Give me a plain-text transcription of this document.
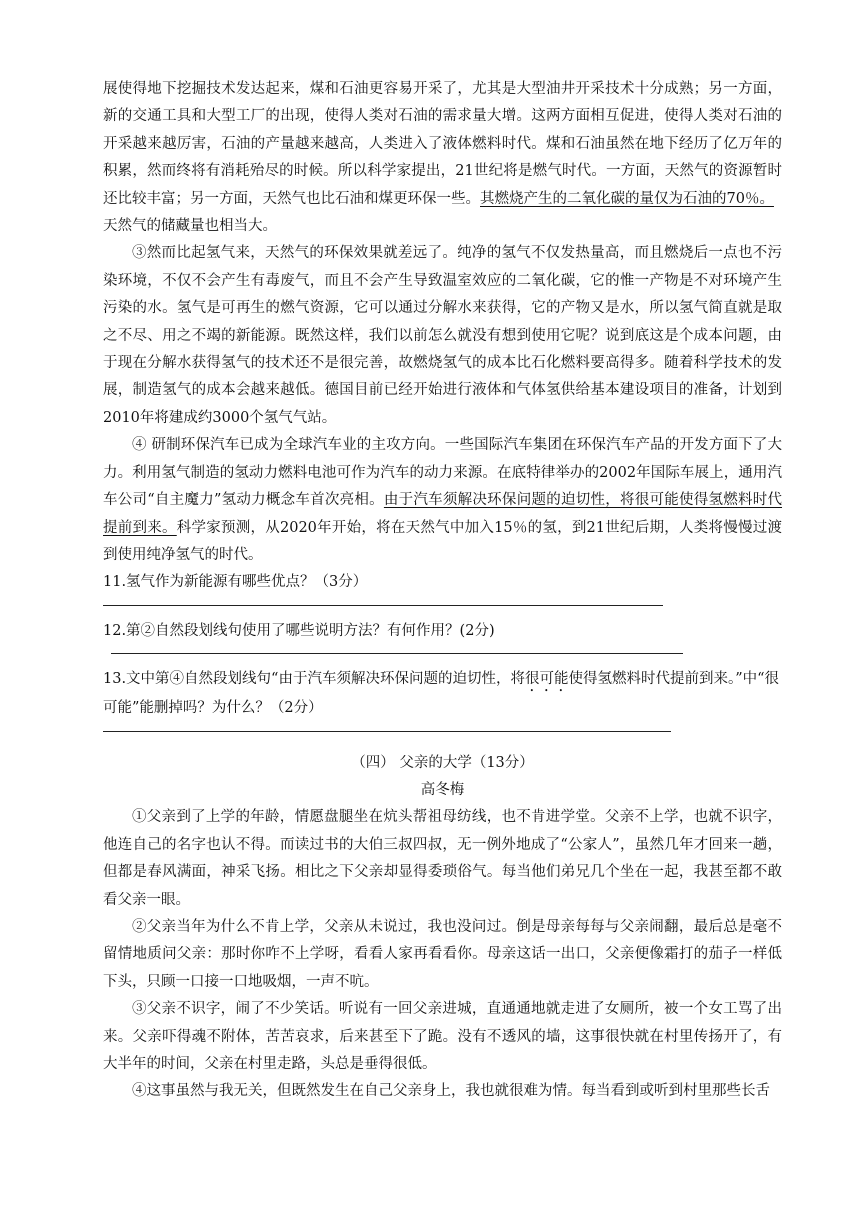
展使得地下挖掘技术发达起来，煤和石油更容易开采了，尤其是大型油井开采技术十分成熟；另一方面，新的交通工具和大型工厂的出现，使得人类对石油的需求量大增。这两方面相互促进，使得人类对石油的开采越来越厉害，石油的产量越来越高，人类进入了液体燃料时代。煤和石油虽然在地下经历了亿万年的积累，然而终将有消耗殆尽的时候。所以科学家提出，21世纪将是燃气时代。一方面，天然气的资源暂时还比较丰富；另一方面，天然气也比石油和煤更环保一些。其燃烧产生的二氧化碳的量仅为石油的70％。
天然气的储藏量也相当大。

③然而比起氢气来，天然气的环保效果就差远了。纯净的氢气不仅发热量高，而且燃烧后一点也不污染环境，不仅不会产生有毒废气，而且不会产生导致温室效应的二氧化碳，它的惟一产物是不对环境产生污染的水。氢气是可再生的燃气资源，它可以通过分解水来获得，它的产物又是水，所以氢气简直就是取之不尽、用之不竭的新能源。既然这样，我们以前怎么就没有想到使用它呢？说到底这是个成本问题，由于现在分解水获得氢气的技术还不是很完善，故燃烧氢气的成本比石化燃料要高得多。随着科学技术的发展，制造氢气的成本会越来越低。德国目前已经开始进行液体和气体氢供给基本建设项目的准备，计划到2010年将建成约3000个氢气气站。

④ 研制环保汽车已成为全球汽车业的主攻方向。一些国际汽车集团在环保汽车产品的开发方面下了大力。利用氢气制造的氢动力燃料电池可作为汽车的动力来源。在底特律举办的2002年国际车展上，通用汽车公司“自主魔力”氢动力概念车首次亮相。由于汽车须解决环保问题的迫切性，将很可能使得氢燃料时代提前到来。科学家预测，从2020年开始，将在天然气中加入15％的氢，到21世纪后期，人类将慢慢过渡到使用纯净氢气的时代。

11.氢气作为新能源有哪些优点？（3分）

12.第②自然段划线句使用了哪些说明方法？有何作用？(2分)

13.文中第④自然段划线句“由于汽车须解决环保问题的迫切性，将很可能使得氢燃料时代提前到来。”中“很可能”能删掉吗？为什么？（2分）

（四） 父亲的大学（13分）

高冬梅

①父亲到了上学的年龄，情愿盘腿坐在炕头帮祖母纺线，也不肯进学堂。父亲不上学，也就不识字，他连自己的名字也认不得。而读过书的大伯三叔四叔，无一例外地成了“公家人”，虽然几年才回来一趟，但都是春风满面，神采飞扬。相比之下父亲却显得委琐俗气。每当他们弟兄几个坐在一起，我甚至都不敢看父亲一眼。

②父亲当年为什么不肯上学，父亲从未说过，我也没问过。倒是母亲每每与父亲闹翻，最后总是毫不留情地质问父亲：那时你咋不上学呀，看看人家再看看你。母亲这话一出口，父亲便像霜打的茄子一样低下头，只顾一口接一口地吸烟，一声不吭。

③父亲不识字，闹了不少笑话。听说有一回父亲进城，直通通地就走进了女厕所，被一个女工骂了出来。父亲吓得魂不附体，苦苦哀求，后来甚至下了跪。没有不透风的墙，这事很快就在村里传扬开了，有大半年的时间，父亲在村里走路，头总是垂得很低。

④这事虽然与我无关，但既然发生在自己父亲身上，我也就很难为情。每当看到或听到村里那些长舌
